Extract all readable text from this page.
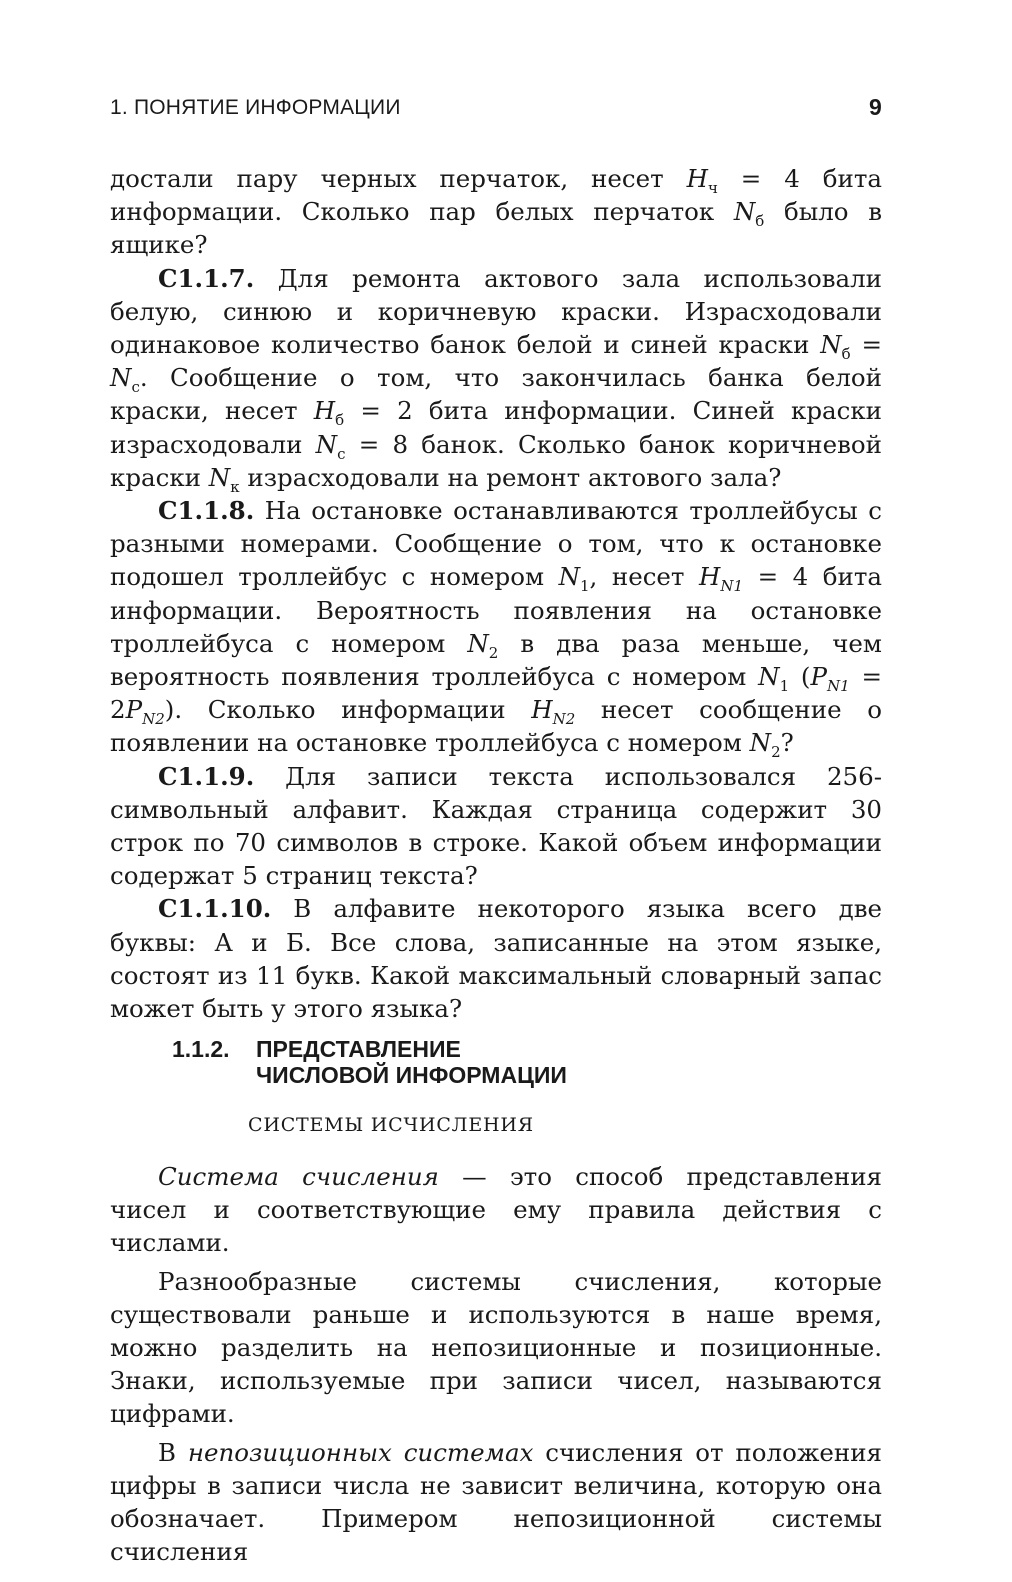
1. ПОНЯТИЕ ИНФОРМАЦИИ	9

достали пару черных перчаток, несет $H_ч = 4$ бита информации. Сколько пар белых перчаток $N_б$ было в ящике?

С1.1.7. Для ремонта актового зала использовали белую, синюю и коричневую краски. Израсходовали одинаковое количество банок белой и синей краски $N_б = N_с$. Сообщение о том, что закончилась банка белой краски, несет $H_б = 2$ бита информации. Синей краски израсходовали $N_с = 8$ банок. Сколько банок коричневой краски $N_к$ израсходовали на ремонт актового зала?

С1.1.8. На остановке останавливаются троллейбусы с разными номерами. Сообщение о том, что к остановке подошел троллейбус с номером $N_1$, несет $H_{N1} = 4$ бита информации. Вероятность появления на остановке троллейбуса с номером $N_2$ в два раза меньше, чем вероятность появления троллейбуса с номером $N_1$ $(P_{N1} = 2P_{N2})$. Сколько информации $H_{N2}$ несет сообщение о появлении на остановке троллейбуса с номером $N_2$?

С1.1.9. Для записи текста использовался 256-символьный алфавит. Каждая страница содержит 30 строк по 70 символов в строке. Какой объем информации содержат 5 страниц текста?

С1.1.10. В алфавите некоторого языка всего две буквы: А и Б. Все слова, записанные на этом языке, состоят из 11 букв. Какой максимальный словарный запас может быть у этого языка?

1.1.2. ПРЕДСТАВЛЕНИЕ
ЧИСЛОВОЙ ИНФОРМАЦИИ
СИСТЕМЫ ИСЧИСЛЕНИЯ

Система счисления — это способ представления чисел и соответствующие ему правила действия с числами.

Разнообразные системы счисления, которые существовали раньше и используются в наше время, можно разделить на непозиционные и позиционные. Знаки, используемые при записи чисел, называются цифрами.

В непозиционных системах счисления от положения цифры в записи числа не зависит величина, которую она обозначает. Примером непозиционной системы счисления
